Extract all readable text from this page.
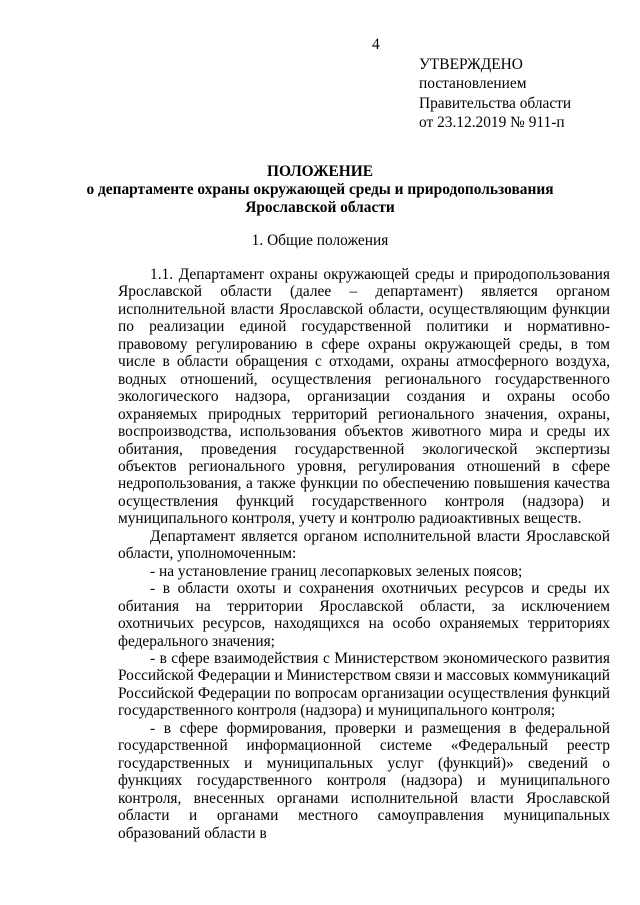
4
УТВЕРЖДЕНО
постановлением
Правительства области
от 23.12.2019 № 911-п
ПОЛОЖЕНИЕ
о департаменте охраны окружающей среды и природопользования
Ярославской области
1. Общие положения

1.1. Департамент охраны окружающей среды и природопользования Ярославской области (далее – департамент) является органом исполнительной власти Ярославской области, осуществляющим функции по реализации единой государственной политики и нормативно-правовому регулированию в сфере охраны окружающей среды, в том числе в области обращения с отходами, охраны атмосферного воздуха, водных отношений, осуществления регионального государственного экологического надзора, организации создания и охраны особо охраняемых природных территорий регионального значения, охраны, воспроизводства, использования объектов животного мира и среды их обитания, проведения государственной экологической экспертизы объектов регионального уровня, регулирования отношений в сфере недропользования, а также функции по обеспечению повышения качества осуществления функций государственного контроля (надзора) и муниципального контроля, учету и контролю радиоактивных веществ.

Департамент является органом исполнительной власти Ярославской области, уполномоченным:

- на установление границ лесопарковых зеленых поясов;

- в области охоты и сохранения охотничьих ресурсов и среды их обитания на территории Ярославской области, за исключением охотничьих ресурсов, находящихся на особо охраняемых территориях федерального значения;

- в сфере взаимодействия с Министерством экономического развития Российской Федерации и Министерством связи и массовых коммуникаций Российской Федерации по вопросам организации осуществления функций государственного контроля (надзора) и муниципального контроля;

- в сфере формирования, проверки и размещения в федеральной государственной информационной системе «Федеральный реестр государственных и муниципальных услуг (функций)» сведений о функциях государственного контроля (надзора) и муниципального контроля, внесенных органами исполнительной власти Ярославской области и органами местного самоуправления муниципальных образований области в
